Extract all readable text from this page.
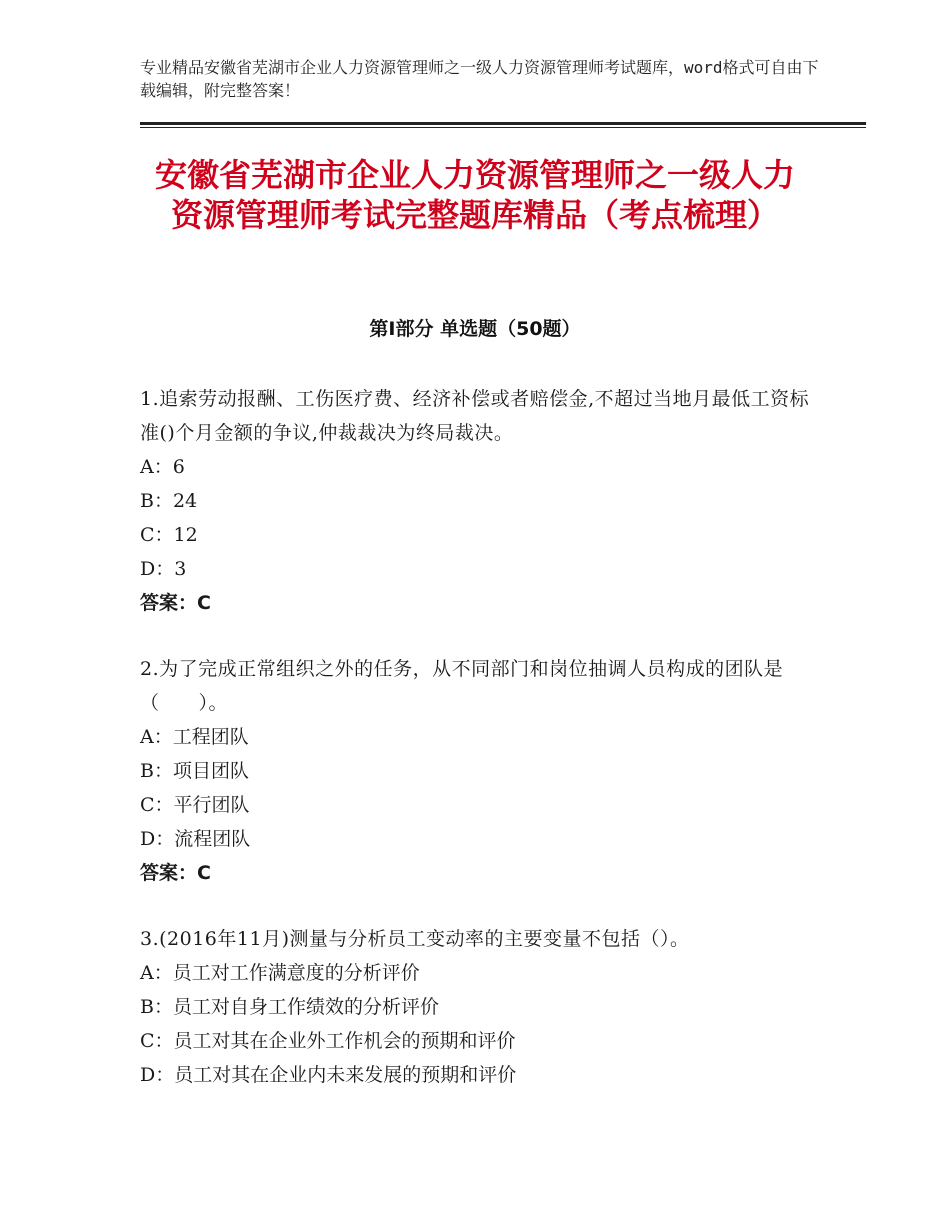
专业精品安徽省芜湖市企业人力资源管理师之一级人力资源管理师考试题库，word格式可自由下载编辑，附完整答案！
安徽省芜湖市企业人力资源管理师之一级人力资源管理师考试完整题库精品（考点梳理）
第Ⅰ部分 单选题（50题）
1.追索劳动报酬、工伤医疗费、经济补偿或者赔偿金,不超过当地月最低工资标准()个月金额的争议,仲裁裁决为终局裁决。
A：6
B：24
C：12
D：3
答案：C
2.为了完成正常组织之外的任务，从不同部门和岗位抽调人员构成的团队是（　　）。
A：工程团队
B：项目团队
C：平行团队
D：流程团队
答案：C
3.(2016年11月)测量与分析员工变动率的主要变量不包括（）。
A：员工对工作满意度的分析评价
B：员工对自身工作绩效的分析评价
C：员工对其在企业外工作机会的预期和评价
D：员工对其在企业内未来发展的预期和评价
